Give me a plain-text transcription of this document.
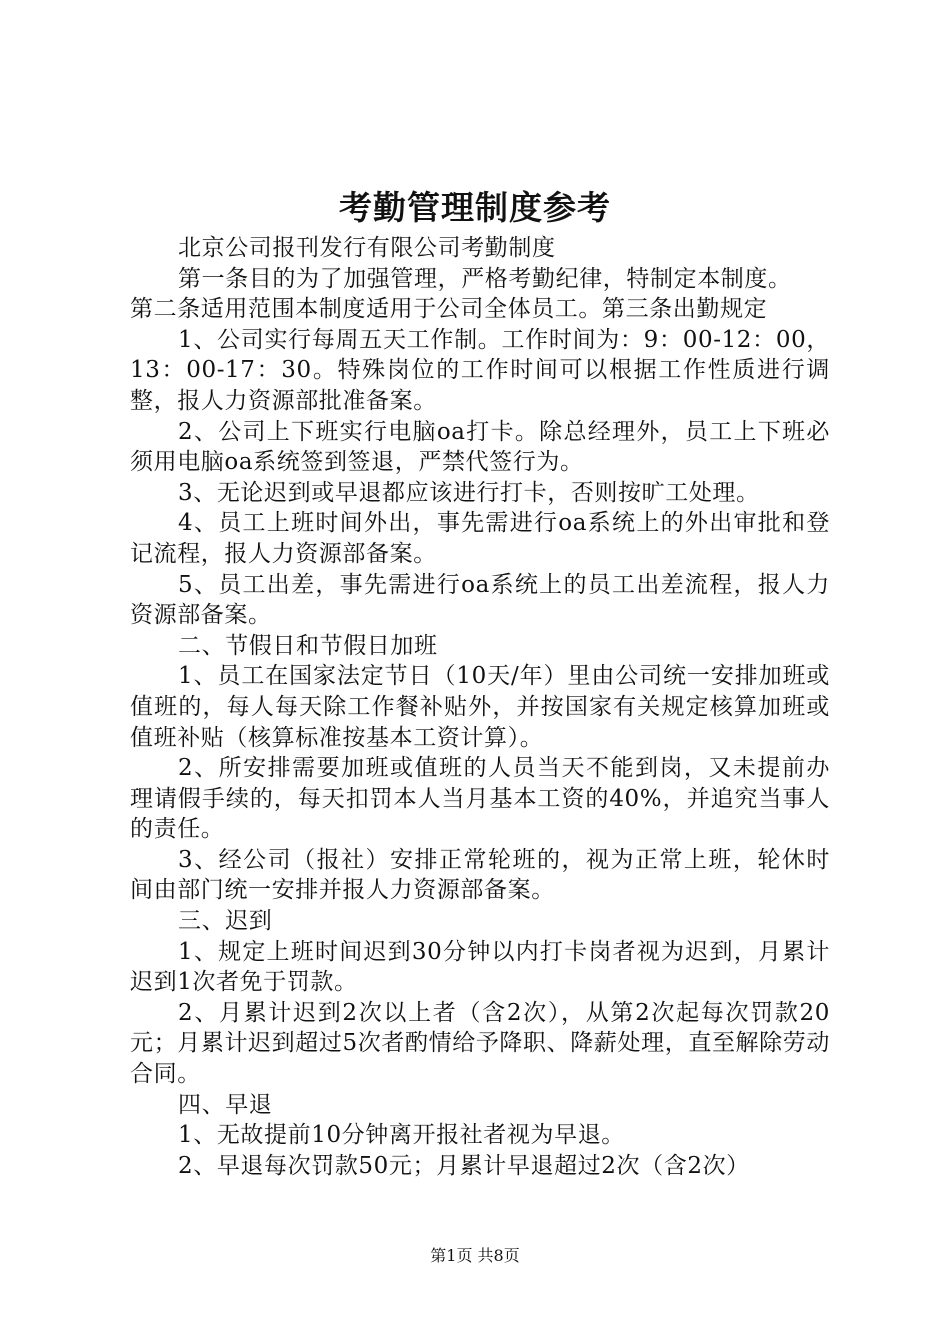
考勤管理制度参考

北京公司报刊发行有限公司考勤制度

第一条目的为了加强管理，严格考勤纪律，特制定本制度。

第二条适用范围本制度适用于公司全体员工。第三条出勤规定

1、公司实行每周五天工作制。工作时间为：9：00-12：00，13：00-17：30。特殊岗位的工作时间可以根据工作性质进行调整，报人力资源部批准备案。

2、公司上下班实行电脑oa打卡。除总经理外，员工上下班必须用电脑oa系统签到签退，严禁代签行为。

3、无论迟到或早退都应该进行打卡，否则按旷工处理。

4、员工上班时间外出，事先需进行oa系统上的外出审批和登记流程，报人力资源部备案。

5、员工出差，事先需进行oa系统上的员工出差流程，报人力资源部备案。

二、节假日和节假日加班

1、员工在国家法定节日（10天/年）里由公司统一安排加班或值班的，每人每天除工作餐补贴外，并按国家有关规定核算加班或值班补贴（核算标准按基本工资计算）。

2、所安排需要加班或值班的人员当天不能到岗，又未提前办理请假手续的，每天扣罚本人当月基本工资的40%，并追究当事人的责任。

3、经公司（报社）安排正常轮班的，视为正常上班，轮休时间由部门统一安排并报人力资源部备案。

三、迟到

1、规定上班时间迟到30分钟以内打卡岗者视为迟到，月累计迟到1次者免于罚款。

2、月累计迟到2次以上者（含2次），从第2次起每次罚款20元；月累计迟到超过5次者酌情给予降职、降薪处理，直至解除劳动合同。

四、早退

1、无故提前10分钟离开报社者视为早退。

2、早退每次罚款50元；月累计早退超过2次（含2次）

第1页 共8页
